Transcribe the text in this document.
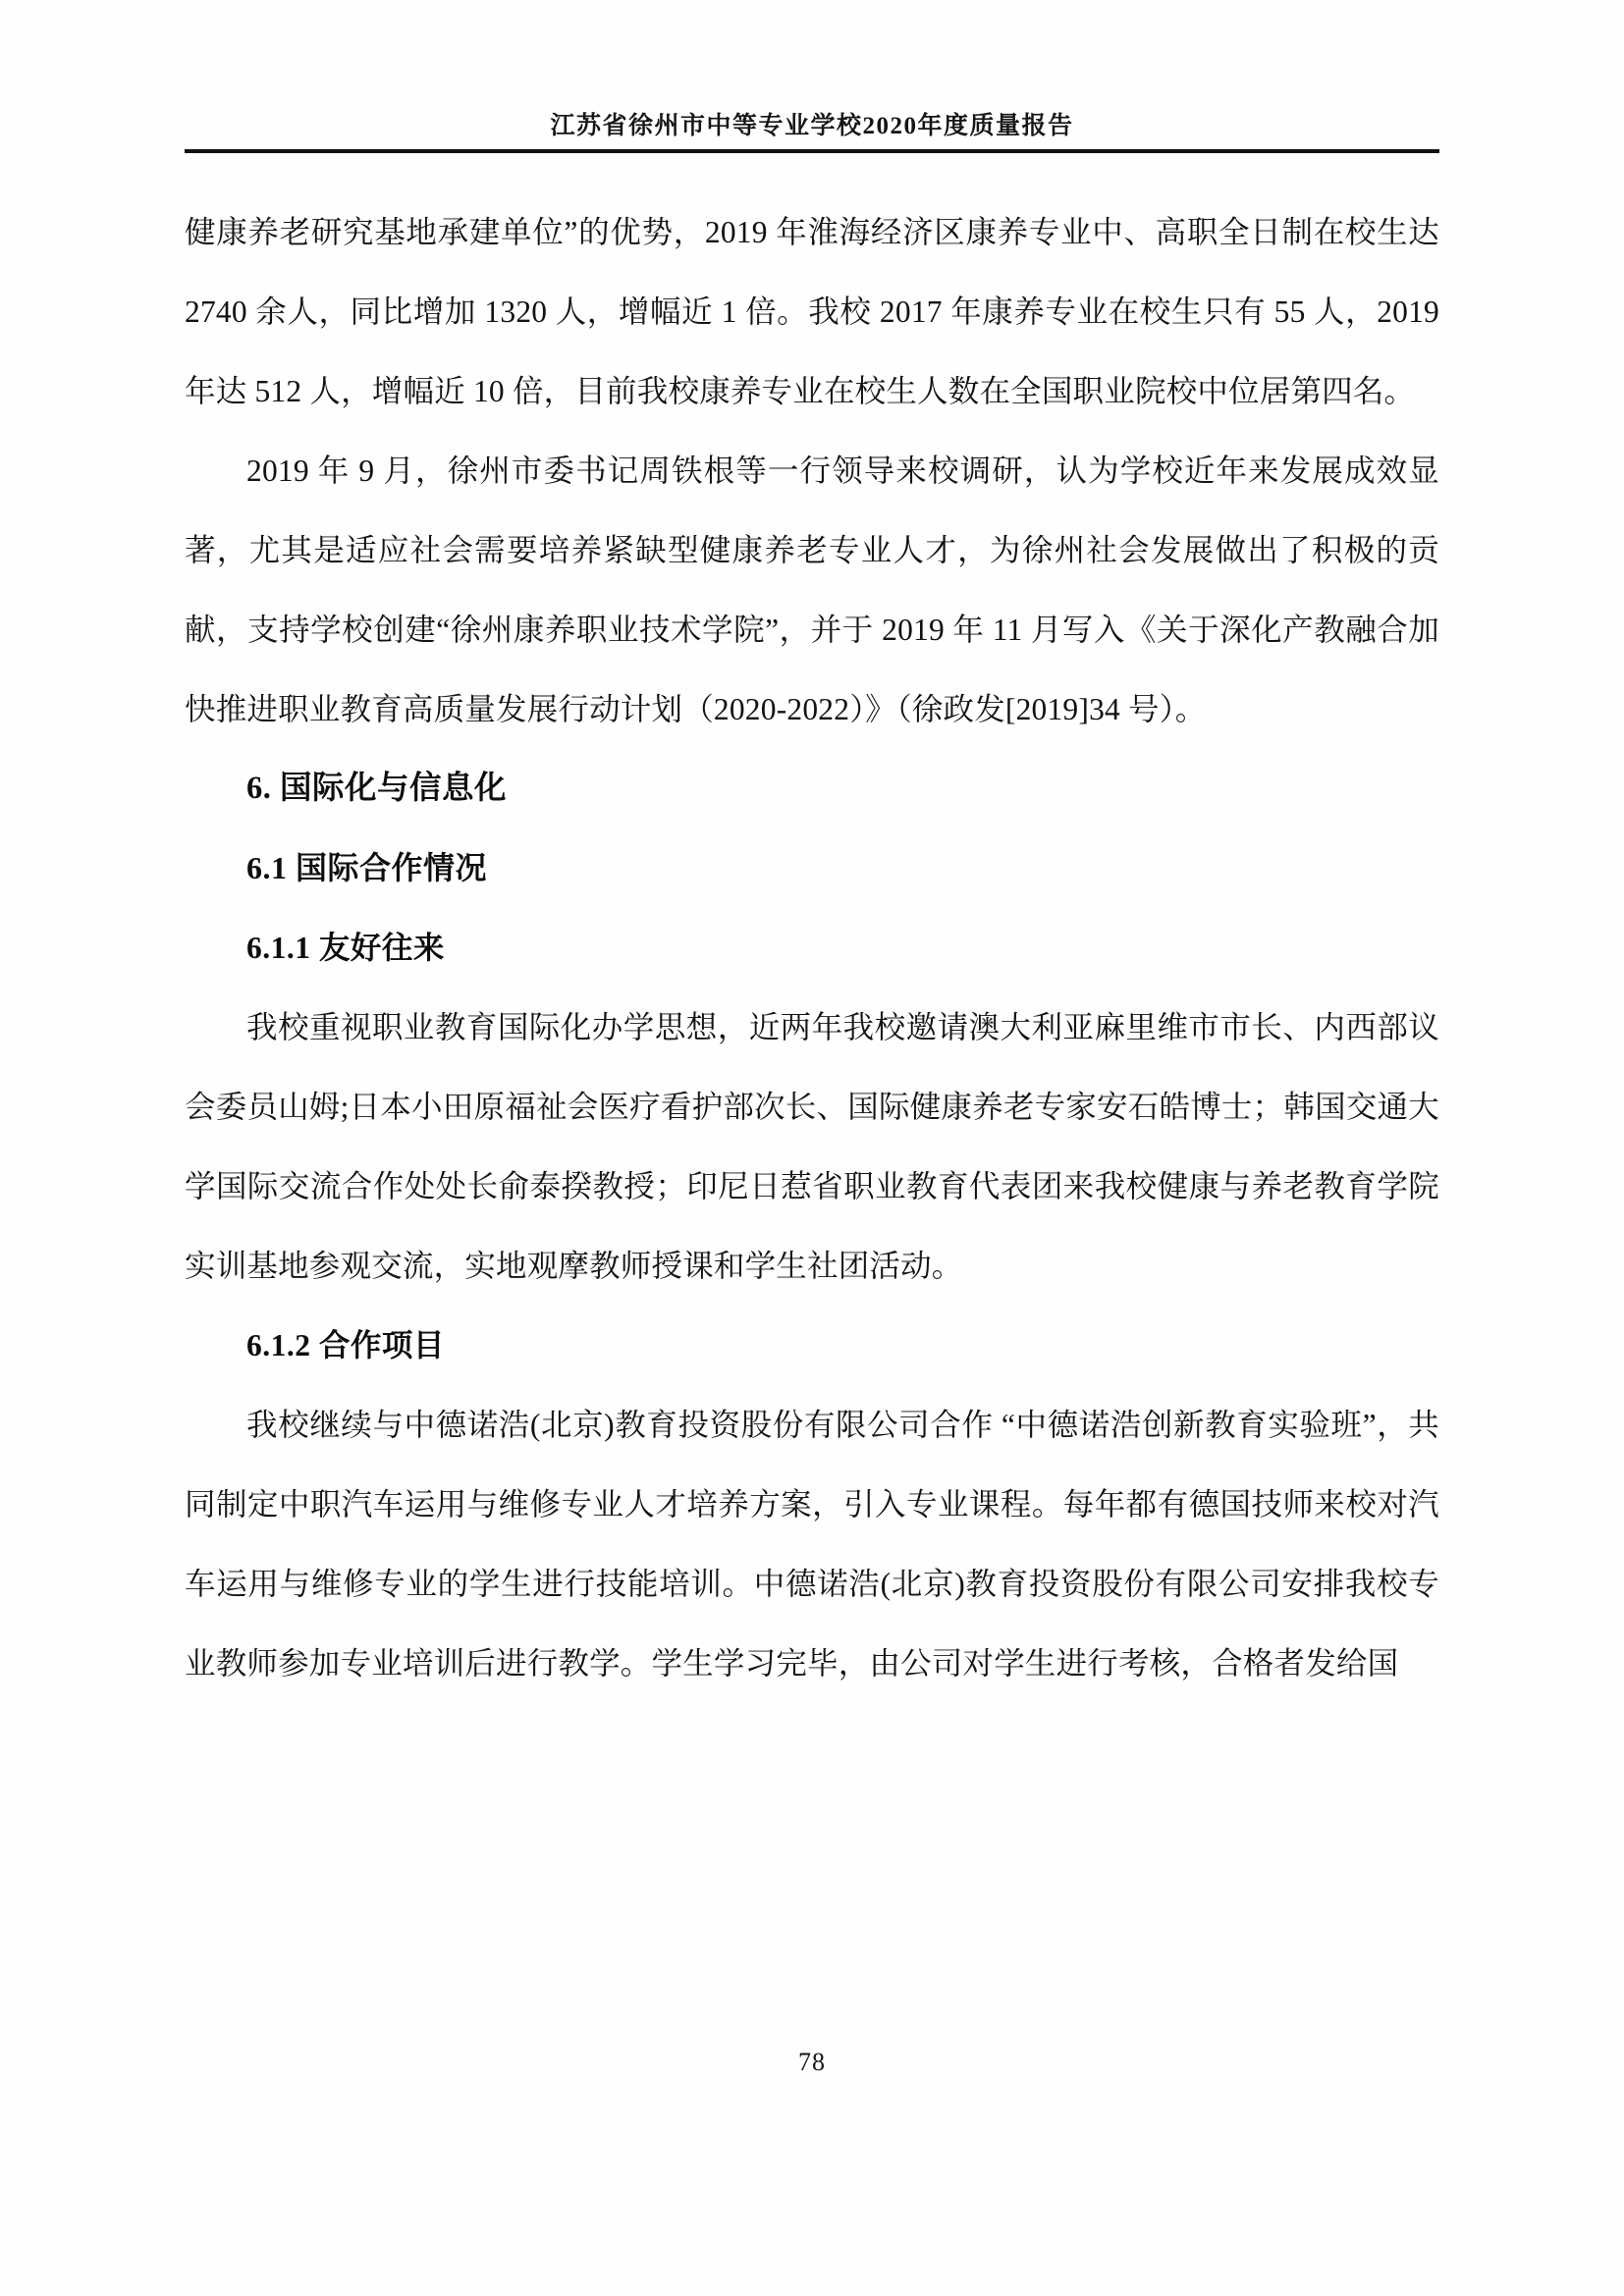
江苏省徐州市中等专业学校2020年度质量报告

健康养老研究基地承建单位”的优势，2019 年淮海经济区康养专业中、高职全日制在校生达 2740 余人，同比增加 1320 人，增幅近 1 倍。我校 2017 年康养专业在校生只有 55 人，2019 年达 512 人，增幅近 10 倍，目前我校康养专业在校生人数在全国职业院校中位居第四名。

2019 年 9 月，徐州市委书记周铁根等一行领导来校调研，认为学校近年来发展成效显著，尤其是适应社会需要培养紧缺型健康养老专业人才，为徐州社会发展做出了积极的贡献，支持学校创建“徐州康养职业技术学院”，并于 2019 年 11 月写入《关于深化产教融合加快推进职业教育高质量发展行动计划（2020-2022）》（徐政发[2019]34 号）。

6. 国际化与信息化
6.1 国际合作情况
6.1.1 友好往来

我校重视职业教育国际化办学思想，近两年我校邀请澳大利亚麻里维市市长、内西部议会委员山姆;日本小田原福祉会医疗看护部次长、国际健康养老专家安石皓博士；韩国交通大学国际交流合作处处长俞泰揆教授；印尼日惹省职业教育代表团来我校健康与养老教育学院实训基地参观交流，实地观摩教师授课和学生社团活动。

6.1.2 合作项目

我校继续与中德诺浩(北京)教育投资股份有限公司合作 “中德诺浩创新教育实验班”，共同制定中职汽车运用与维修专业人才培养方案，引入专业课程。每年都有德国技师来校对汽车运用与维修专业的学生进行技能培训。中德诺浩(北京)教育投资股份有限公司安排我校专业教师参加专业培训后进行教学。学生学习完毕，由公司对学生进行考核，合格者发给国

78
